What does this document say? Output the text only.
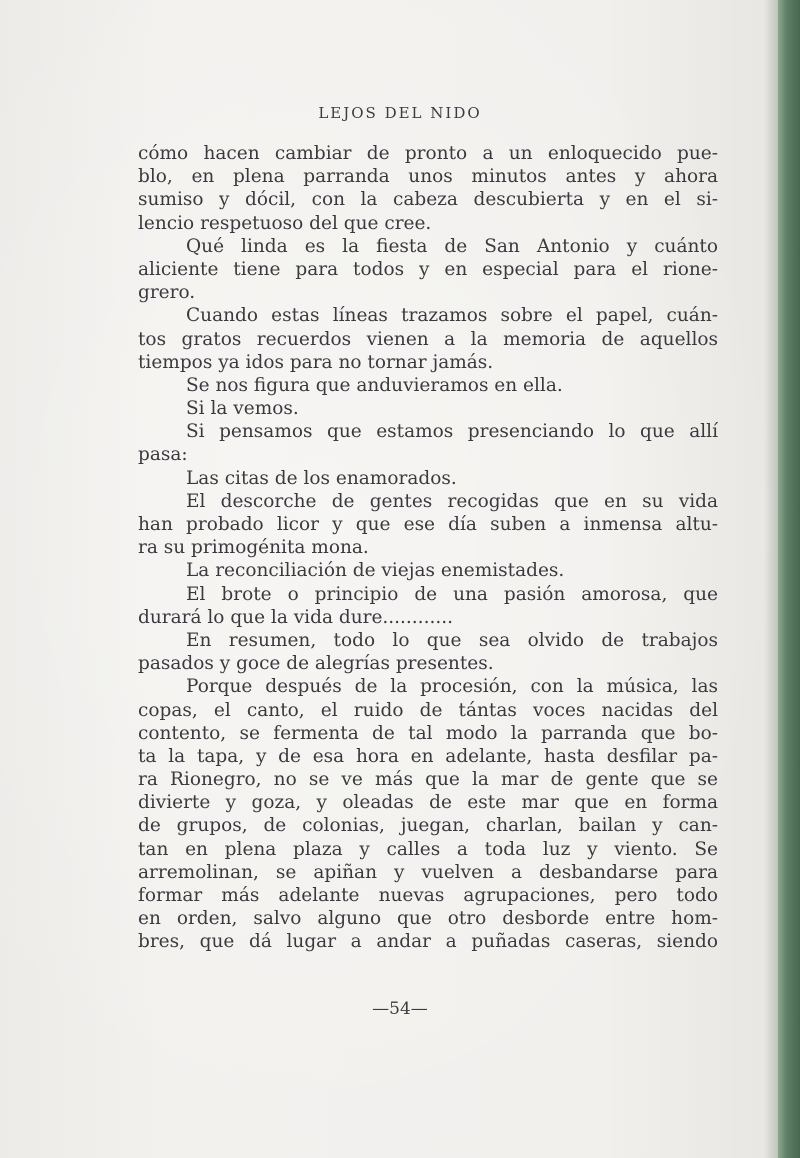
LEJOS DEL NIDO
cómo hacen cambiar de pronto a un enloquecido pue-
blo, en plena parranda unos minutos antes y ahora
sumiso y dócil, con la cabeza descubierta y en el si-
lencio respetuoso del que cree.
Qué linda es la fiesta de San Antonio y cuánto
aliciente tiene para todos y en especial para el rione-
grero.
Cuando estas líneas trazamos sobre el papel, cuán-
tos gratos recuerdos vienen a la memoria de aquellos
tiempos ya idos para no tornar jamás.
Se nos figura que anduvieramos en ella.
Si la vemos.
Si pensamos que estamos presenciando lo que allí
pasa:
Las citas de los enamorados.
El descorche de gentes recogidas que en su vida
han probado licor y que ese día suben a inmensa altu-
ra su primogénita mona.
La reconciliación de viejas enemistades.
El brote o principio de una pasión amorosa, que
durará lo que la vida dure............
En resumen, todo lo que sea olvido de trabajos
pasados y goce de alegrías presentes.
Porque después de la procesión, con la música, las
copas, el canto, el ruido de tántas voces nacidas del
contento, se fermenta de tal modo la parranda que bo-
ta la tapa, y de esa hora en adelante, hasta desfilar pa-
ra Rionegro, no se ve más que la mar de gente que se
divierte y goza, y oleadas de este mar que en forma
de grupos, de colonias, juegan, charlan, bailan y can-
tan en plena plaza y calles a toda luz y viento. Se
arremolinan, se apiñan y vuelven a desbandarse para
formar más adelante nuevas agrupaciones, pero todo
en orden, salvo alguno que otro desborde entre hom-
bres, que dá lugar a andar a puñadas caseras, siendo
—54—
